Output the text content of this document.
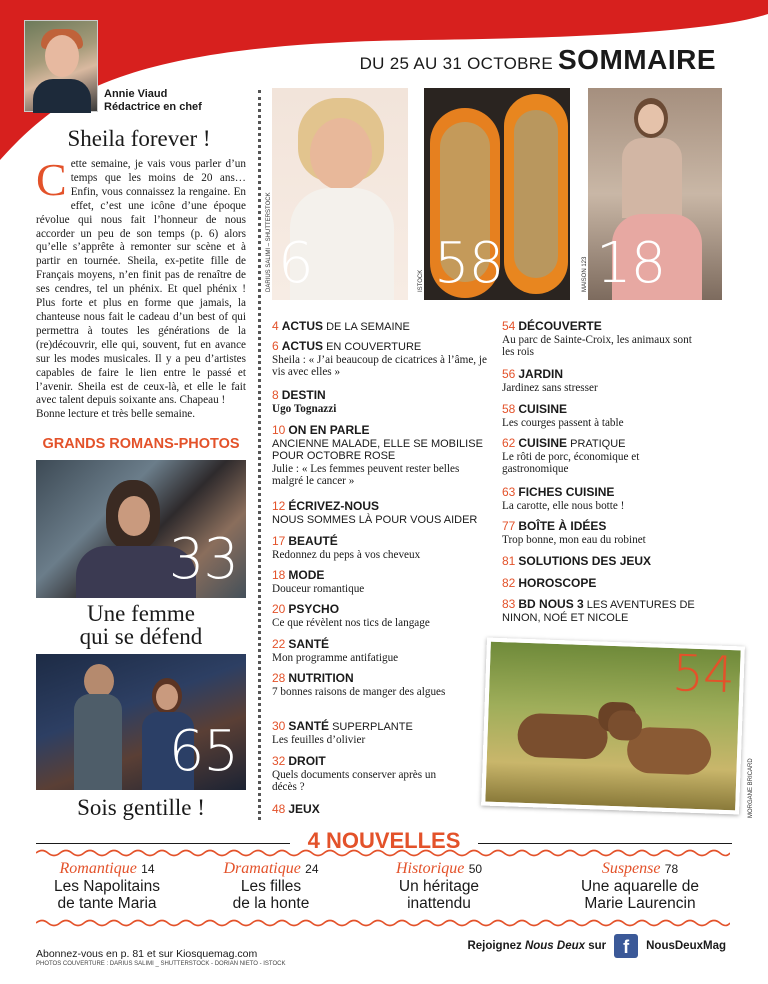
Annie Viaud
Rédactrice en chef
DU 25 AU 31 OCTOBRE SOMMAIRE
Sheila forever !
Cette semaine, je vais vous parler d’un temps que les moins de 20 ans… Enfin, vous connaissez la rengaine. En effet, c’est une icône d’une époque révolue qui nous fait l’honneur de nous accorder un peu de son temps (p. 6) alors qu’elle s’apprête à remonter sur scène et à partir en tournée. Sheila, ex-petite fille de Français moyens, n’en finit pas de renaître de ses cendres, tel un phénix. Et quel phénix ! Plus forte et plus en forme que jamais, la chanteuse nous fait le cadeau d’un best of qui permettra à toutes les générations de la (re)découvrir, elle qui, souvent, fut en avance sur les modes musicales. Il y a peu d’artistes capables de faire le lien entre le passé et l’avenir. Sheila est de ceux-là, et elle le fait avec talent depuis soixante ans. Chapeau !
Bonne lecture et très belle semaine.
GRANDS ROMANS-PHOTOS
33
Une femme
qui se défend
65
Sois gentille !
6
DARIUS SALIMI – SHUTTERSTOCK	58
ISTOCK	18
MAISON 123
4 ACTUS DE LA SEMAINE
6 ACTUS EN COUVERTURE
Sheila : « J’ai beaucoup de cicatrices à l’âme, je vis avec elles »
8 DESTIN
Ugo Tognazzi
10 ON EN PARLE
ANCIENNE MALADE, ELLE SE MOBILISE POUR OCTOBRE ROSE
Julie : « Les femmes peuvent rester belles malgré le cancer »
12 ÉCRIVEZ-NOUS
NOUS SOMMES LÀ POUR VOUS AIDER
17 BEAUTÉ
Redonnez du peps à vos cheveux
18 MODE
Douceur romantique
20 PSYCHO
Ce que révèlent nos tics de langage
22 SANTÉ
Mon programme antifatigue
28 NUTRITION
7 bonnes raisons de manger des algues
30 SANTÉ SUPERPLANTE
Les feuilles d’olivier
32 DROIT
Quels documents conserver après un décès ?
48 JEUX
54 DÉCOUVERTE
Au parc de Sainte-Croix, les animaux sont les rois
56 JARDIN
Jardinez sans stresser
58 CUISINE
Les courges passent à table
62 CUISINE PRATIQUE
Le rôti de porc, économique et gastronomique
63 FICHES CUISINE
La carotte, elle nous botte !
77 BOÎTE À IDÉES
Trop bonne, mon eau du robinet
81 SOLUTIONS DES JEUX
82 HOROSCOPE
83 BD NOUS 3 LES AVENTURES DE NINON, NOÉ ET NICOLE
54
MORGANE BRICARD
4 NOUVELLES
Romantique 14
Les Napolitains
de tante Maria
Dramatique 24
Les filles
de la honte
Historique 50
Un héritage
inattendu
Suspense 78
Une aquarelle de
Marie Laurencin
Abonnez-vous en p. 81 et sur Kiosquemag.com
PHOTOS COUVERTURE : DARIUS SALIMI _ SHUTTERSTOCK - DORIAN NIETO - ISTOCK
Rejoignez Nous Deux sur f	NousDeuxMag
